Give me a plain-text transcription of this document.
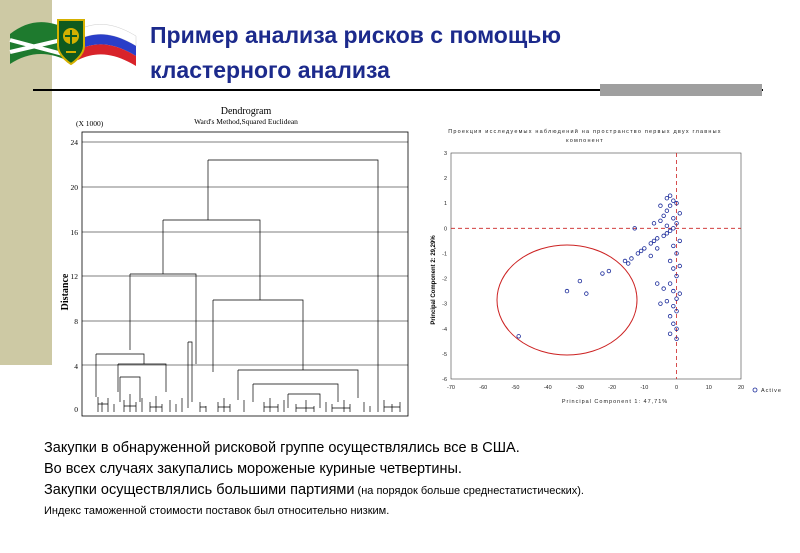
Пример анализа рисков с помощью
кластерного анализа
Dendrogram
Ward's Method,Squared Euclidean
(X 1000)
Distance
0
4
8
12
16
20
24
Проекция исследуемых наблюдений на пространство первых двух главных
компонент
Principal Component 1: 47,71%
Principal Component 2: 29,29%
-70	-60	-50	-40	-30	-20	-10	0	10	20
3
2
1
0
-1
-2
-3
-4
-5
-6
Active
Закупки в обнаруженной рисковой группе осуществлялись все в США.
Во всех случаях закупались мороженые куриные четвертины.
Закупки осуществлялись большими партиями (на порядок больше среднестатистических).
Индекс таможенной стоимости поставок был относительно низким.
